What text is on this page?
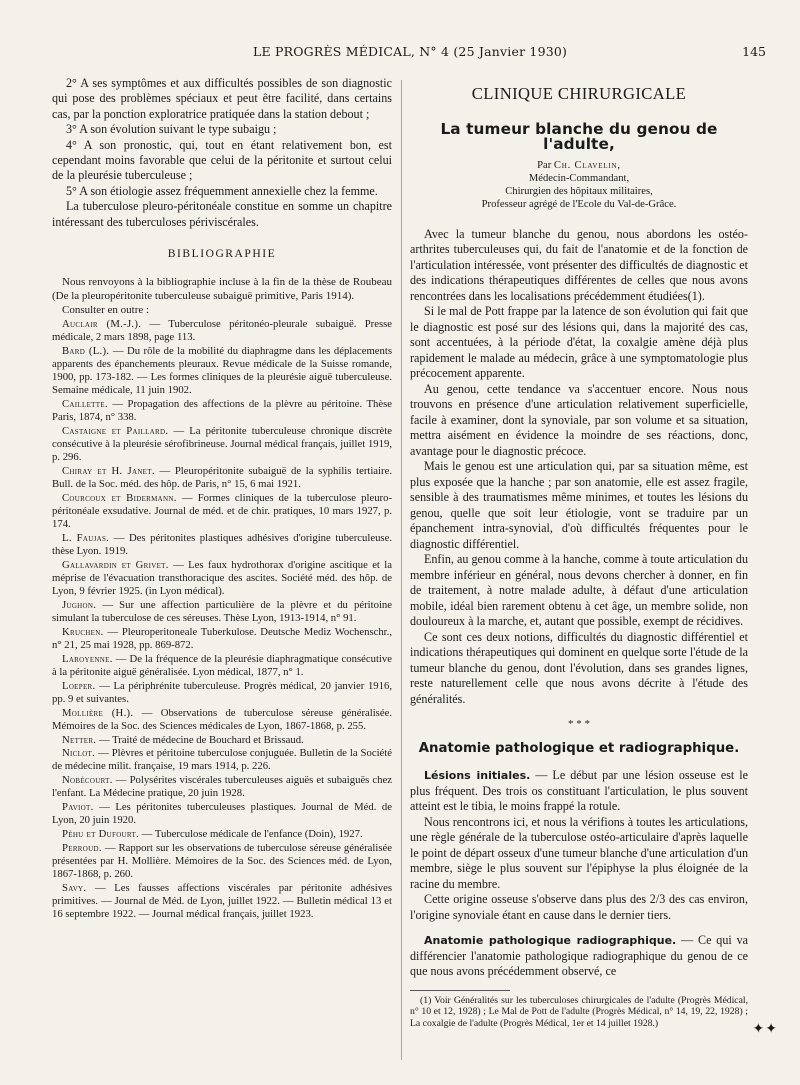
LE PROGRÈS MÉDICAL, N° 4 (25 Janvier 1930)	145

2° A ses symptômes et aux difficultés possibles de son diagnostic qui pose des problèmes spéciaux et peut être facilité, dans certains cas, par la ponction exploratrice pratiquée dans la station debout ;

3° A son évolution suivant le type subaigu ;

4° A son pronostic, qui, tout en étant relativement bon, est cependant moins favorable que celui de la péritonite et surtout celui de la pleurésie tuberculeuse ;

5° A son étiologie assez fréquemment annexielle chez la femme.

La tuberculose pleuro-péritonéale constitue en somme un chapitre intéressant des tuberculoses périviscérales.

BIBLIOGRAPHIE

Nous renvoyons à la bibliographie incluse à la fin de la thèse de Roubeau (De la pleuropéritonite tuberculeuse subaiguë primitive, Paris 1914).

Consulter en outre :

Auclair (M.-J.). — Tuberculose péritonéo-pleurale subaiguë. Presse médicale, 2 mars 1898, page 113.

Bard (L.). — Du rôle de la mobilité du diaphragme dans les déplacements apparents des épanchements pleuraux. Revue médicale de la Suisse romande, 1900, pp. 173-182. — Les formes cliniques de la pleurésie aiguë tuberculeuse. Semaine médicale, 11 juin 1902.

Caillette. — Propagation des affections de la plèvre au péritoine. Thèse Paris, 1874, n° 338.

Castaigne et Paillard. — La péritonite tuberculeuse chronique discrète consécutive à la pleurésie sérofibrineuse. Journal médical français, juillet 1919, p. 296.

Chiray et H. Janet. — Pleuropéritonite subaiguë de la syphilis tertiaire. Bull. de la Soc. méd. des hôp. de Paris, n° 15, 6 mai 1921.

Courcoux et Bidermann. — Formes cliniques de la tuberculose pleuro-péritonéale exsudative. Journal de méd. et de chir. pratiques, 10 mars 1927, p. 174.

L. Faujas. — Des péritonites plastiques adhésives d'origine tuberculeuse. thèse Lyon. 1919.

Gallavardin et Grivet. — Les faux hydrothorax d'origine ascitique et la méprise de l'évacuation transthoracique des ascites. Société méd. des hôp. de Lyon, 9 février 1925. (in Lyon médical).

Jughon. — Sur une affection particulière de la plèvre et du péritoine simulant la tuberculose de ces séreuses. Thèse Lyon, 1913-1914, n° 91.

Kruchen. — Pleuroperitoneale Tuberkulose. Deutsche Mediz Wochenschr., n° 21, 25 mai 1928, pp. 869-872.

Laroyenne. — De la fréquence de la pleurésie diaphragmatique consécutive à la péritonite aiguë généralisée. Lyon médical, 1877, n° 1.

Loeper. — La périphrénite tuberculeuse. Progrès médical, 20 janvier 1916, pp. 9 et suivantes.

Mollière (H.). — Observations de tuberculose séreuse généralisée. Mémoires de la Soc. des Sciences médicales de Lyon, 1867-1868, p. 255.

Netter. — Traité de médecine de Bouchard et Brissaud.

Niclot. — Plèvres et péritoine tuberculose conjuguée. Bulletin de la Société de médecine milit. française, 19 mars 1914, p. 226.

Nobécourt. — Polysérites viscérales tuberculeuses aiguës et subaiguës chez l'enfant. La Médecine pratique, 20 juin 1928.

Paviot. — Les péritonites tuberculeuses plastiques. Journal de Méd. de Lyon, 20 juin 1920.

Péhu et Dufourt. — Tuberculose médicale de l'enfance (Doin), 1927.

Perroud. — Rapport sur les observations de tuberculose séreuse généralisée présentées par H. Mollière. Mémoires de la Soc. des Sciences méd. de Lyon, 1867-1868, p. 260.

Savy. — Les fausses affections viscérales par péritonite adhésives primitives. — Journal de Méd. de Lyon, juillet 1922. — Bulletin médical 13 et 16 septembre 1922. — Journal médical français, juillet 1923.

CLINIQUE CHIRURGICALE
La tumeur blanche du genou de l'adulte,
Par Ch. Clavelin,
Médecin-Commandant,
Chirurgien des hôpitaux militaires,
Professeur agrégé de l'Ecole du Val-de-Grâce.

Avec la tumeur blanche du genou, nous abordons les ostéo-arthrites tuberculeuses qui, du fait de l'anatomie et de la fonction de l'articulation intéressée, vont présenter des difficultés de diagnostic et des indications thérapeutiques différentes de celles que nous avons rencontrées dans les localisations précédemment étudiées(1).

Si le mal de Pott frappe par la latence de son évolution qui fait que le diagnostic est posé sur des lésions qui, dans la majorité des cas, sont accentuées, à la période d'état, la coxalgie amène déjà plus rapidement le malade au médecin, grâce à une symptomatologie plus précocement apparente.

Au genou, cette tendance va s'accentuer encore. Nous nous trouvons en présence d'une articulation relativement superficielle, facile à examiner, dont la synoviale, par son volume et sa situation, mettra aisément en évidence la moindre de ses réactions, donc, avantage pour le diagnostic précoce.

Mais le genou est une articulation qui, par sa situation même, est plus exposée que la hanche ; par son anatomie, elle est assez fragile, sensible à des traumatismes même minimes, et toutes les lésions du genou, quelle que soit leur étiologie, vont se traduire par un épanchement intra-synovial, d'où difficultés fréquentes pour le diagnostic différentiel.

Enfin, au genou comme à la hanche, comme à toute articulation du membre inférieur en général, nous devons chercher à donner, en fin de traitement, à notre malade adulte, à défaut d'une articulation mobile, idéal bien rarement obtenu à cet âge, un membre solide, non douloureux à la marche, et, autant que possible, exempt de récidives.

Ce sont ces deux notions, difficultés du diagnostic différentiel et indications thérapeutiques qui dominent en quelque sorte l'étude de la tumeur blanche du genou, dont l'évolution, dans ses grandes lignes, reste naturellement celle que nous avons décrite à l'étude des généralités.

* * *
Anatomie pathologique et radiographique.

Lésions initiales. — Le début par une lésion osseuse est le plus fréquent. Des trois os constituant l'articulation, le plus souvent atteint est le tibia, le moins frappé la rotule.

Nous rencontrons ici, et nous la vérifions à toutes les articulations, une règle générale de la tuberculose ostéo-articulaire d'après laquelle le point de départ osseux d'une tumeur blanche d'une articulation d'un membre, siège le plus souvent sur l'épiphyse la plus éloignée de la racine du membre.

Cette origine osseuse s'observe dans plus des 2/3 des cas environ, l'origine synoviale étant en cause dans le dernier tiers.

Anatomie pathologique radiographique. — Ce qui va différencier l'anatomie pathologique radiographique du genou de ce que nous avons précédemment observé, ce

(1) Voir Généralités sur les tuberculoses chirurgicales de l'adulte (Progrès Médical, n° 10 et 12, 1928) ; Le Mal de Pott de l'adulte (Progrès Médical, n° 14, 19, 22, 1928) ; La coxalgie de l'adulte (Progrès Médical, 1er et 14 juillet 1928.)	✦✦
